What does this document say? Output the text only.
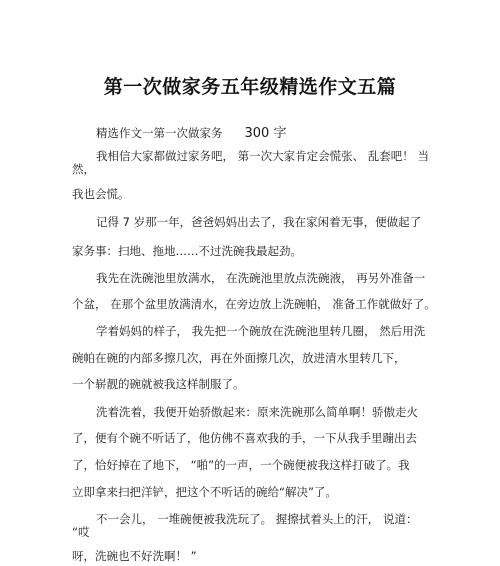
第一次做家务五年级精选作文五篇
精选作文一第一次做家务 300 字
我相信大家都做过家务吧， 第一次大家肯定会慌张、 乱套吧！ 当
然，
我也会慌。
记得 7 岁那一年，爸爸妈妈出去了，我在家闲着无事，便做起了
家务事：扫地、拖地……不过洗碗我最起劲。
我先在洗碗池里放满水， 在洗碗池里放点洗碗液， 再另外准备一
个盆， 在那个盆里放满清水，在旁边放上洗碗帕， 准备工作就做好了。
学着妈妈的样子， 我先把一个碗放在洗碗池里转几圈， 然后用洗
碗帕在碗的内部多擦几次，再在外面擦几次，放进清水里转几下，
一个崭靓的碗就被我这样制服了。
洗着洗着，我便开始骄傲起来：原来洗碗那么简单啊！骄傲走火
了，便有个碗不听话了，他仿佛不喜欢我的手，一下从我手里蹦出去
了，恰好掉在了地下， “啪”的一声，一个碗便被我这样打破了。我
立即拿来扫把洋铲，把这个不听话的碗给“解决”了。
不一会儿， 一堆碗便被我洗玩了。 握擦拭着头上的汗， 说道：
“哎
呀，洗碗也不好洗啊！ ”
